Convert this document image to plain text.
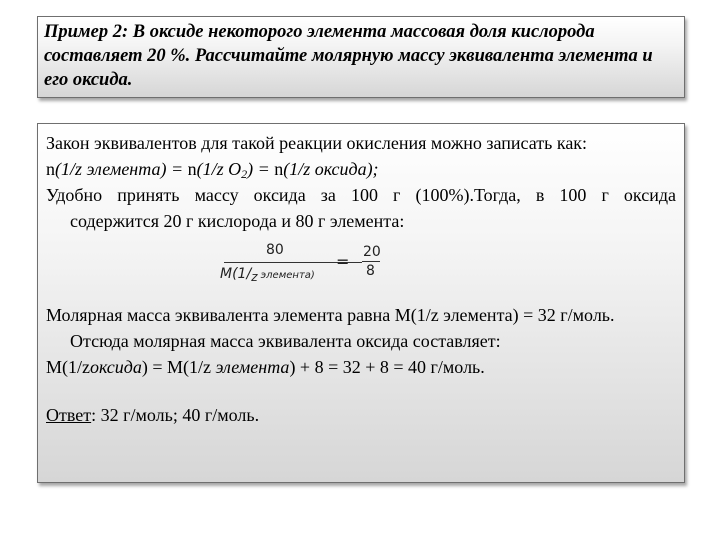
Пример 2: В оксиде некоторого элемента массовая доля кислорода составляет 20 %. Рассчитайте молярную массу эквивалента элемента и его оксида.

Закон эквивалентов для такой реакции окисления можно записать как:

n(1/z элемента) = n(1/z $O_2) = n(1/z$ оксида);

Удобно принять массу оксида за 100 г (100%).Тогда, в 100 г оксида

содержится 20 г кислорода и 80 г элемента:

80
$M(1/_z$ элемента)
= 20
8

Молярная масса эквивалента элемента равна М(1/z элемента) = 32 г/моль.

Отсюда молярная масса эквивалента оксида составляет:

М(1/zоксида) = М(1/z элемента) + 8 = 32 + 8 = 40 г/моль.

Ответ: 32 г/моль; 40 г/моль.
